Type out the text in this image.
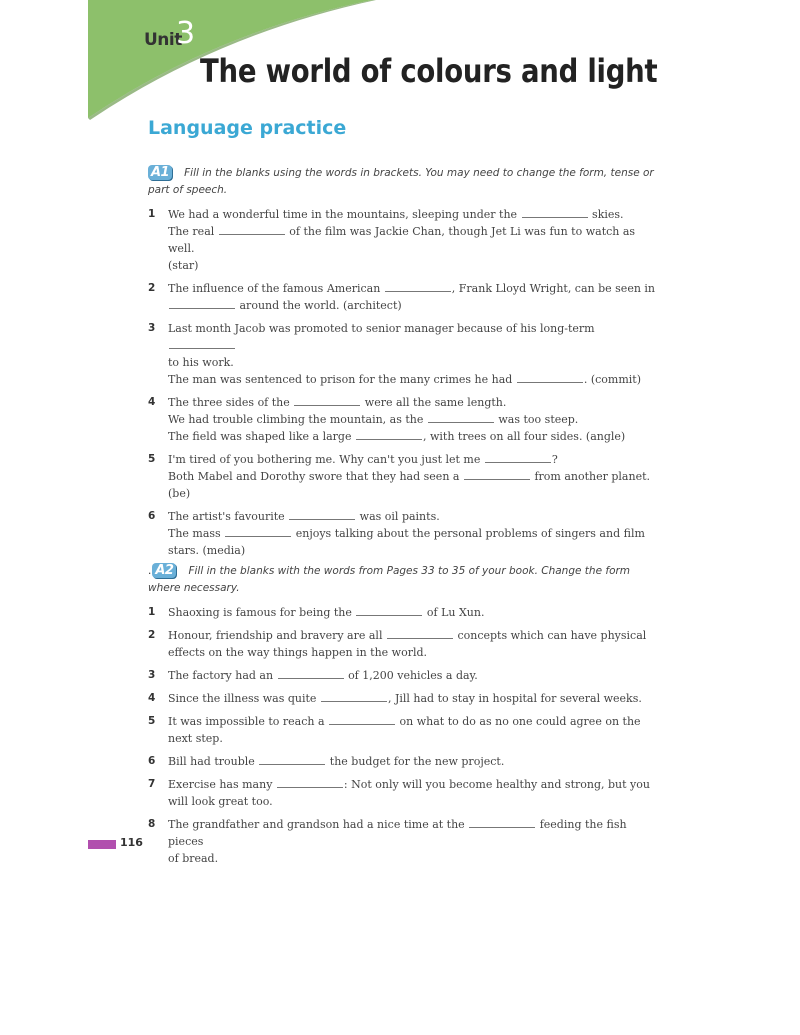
Unit
3
The world of colours and light
Language practice
A1 Fill in the blanks using the words in brackets. You may need to change the form, tense or part of speech.
1	We had a wonderful time in the mountains, sleeping under the	skies.
The real	of the film was Jackie Chan, though Jet Li was fun to watch as well.
(star)
2	The influence of the famous American	, Frank Lloyd Wright, can be seen in
around the world. (architect)
3	Last month Jacob was promoted to senior manager because of his long-term
to his work.
The man was sentenced to prison for the many crimes he had	. (commit)
4	The three sides of the	were all the same length.
We had trouble climbing the mountain, as the	was too steep.
The field was shaped like a large	, with trees on all four sides. (angle)
5	I'm tired of you bothering me. Why can't you just let me	?
Both Mabel and Dorothy swore that they had seen a	from another planet.
(be)
6	The artist's favourite	was oil paints.
The mass	enjoys talking about the personal problems of singers and film
stars. (media)
. A2 Fill in the blanks with the words from Pages 33 to 35 of your book. Change the form where necessary.
1	Shaoxing is famous for being the	of Lu Xun.
2	Honour, friendship and bravery are all	concepts which can have physical
effects on the way things happen in the world.
3	The factory had an	of 1,200 vehicles a day.
4	Since the illness was quite	, Jill had to stay in hospital for several weeks.
5	It was impossible to reach a	on what to do as no one could agree on the
next step.
6	Bill had trouble	the budget for the new project.
7	Exercise has many	: Not only will you become healthy and strong, but you
will look great too.
8	The grandfather and grandson had a nice time at the	feeding the fish pieces
of bread.
116
